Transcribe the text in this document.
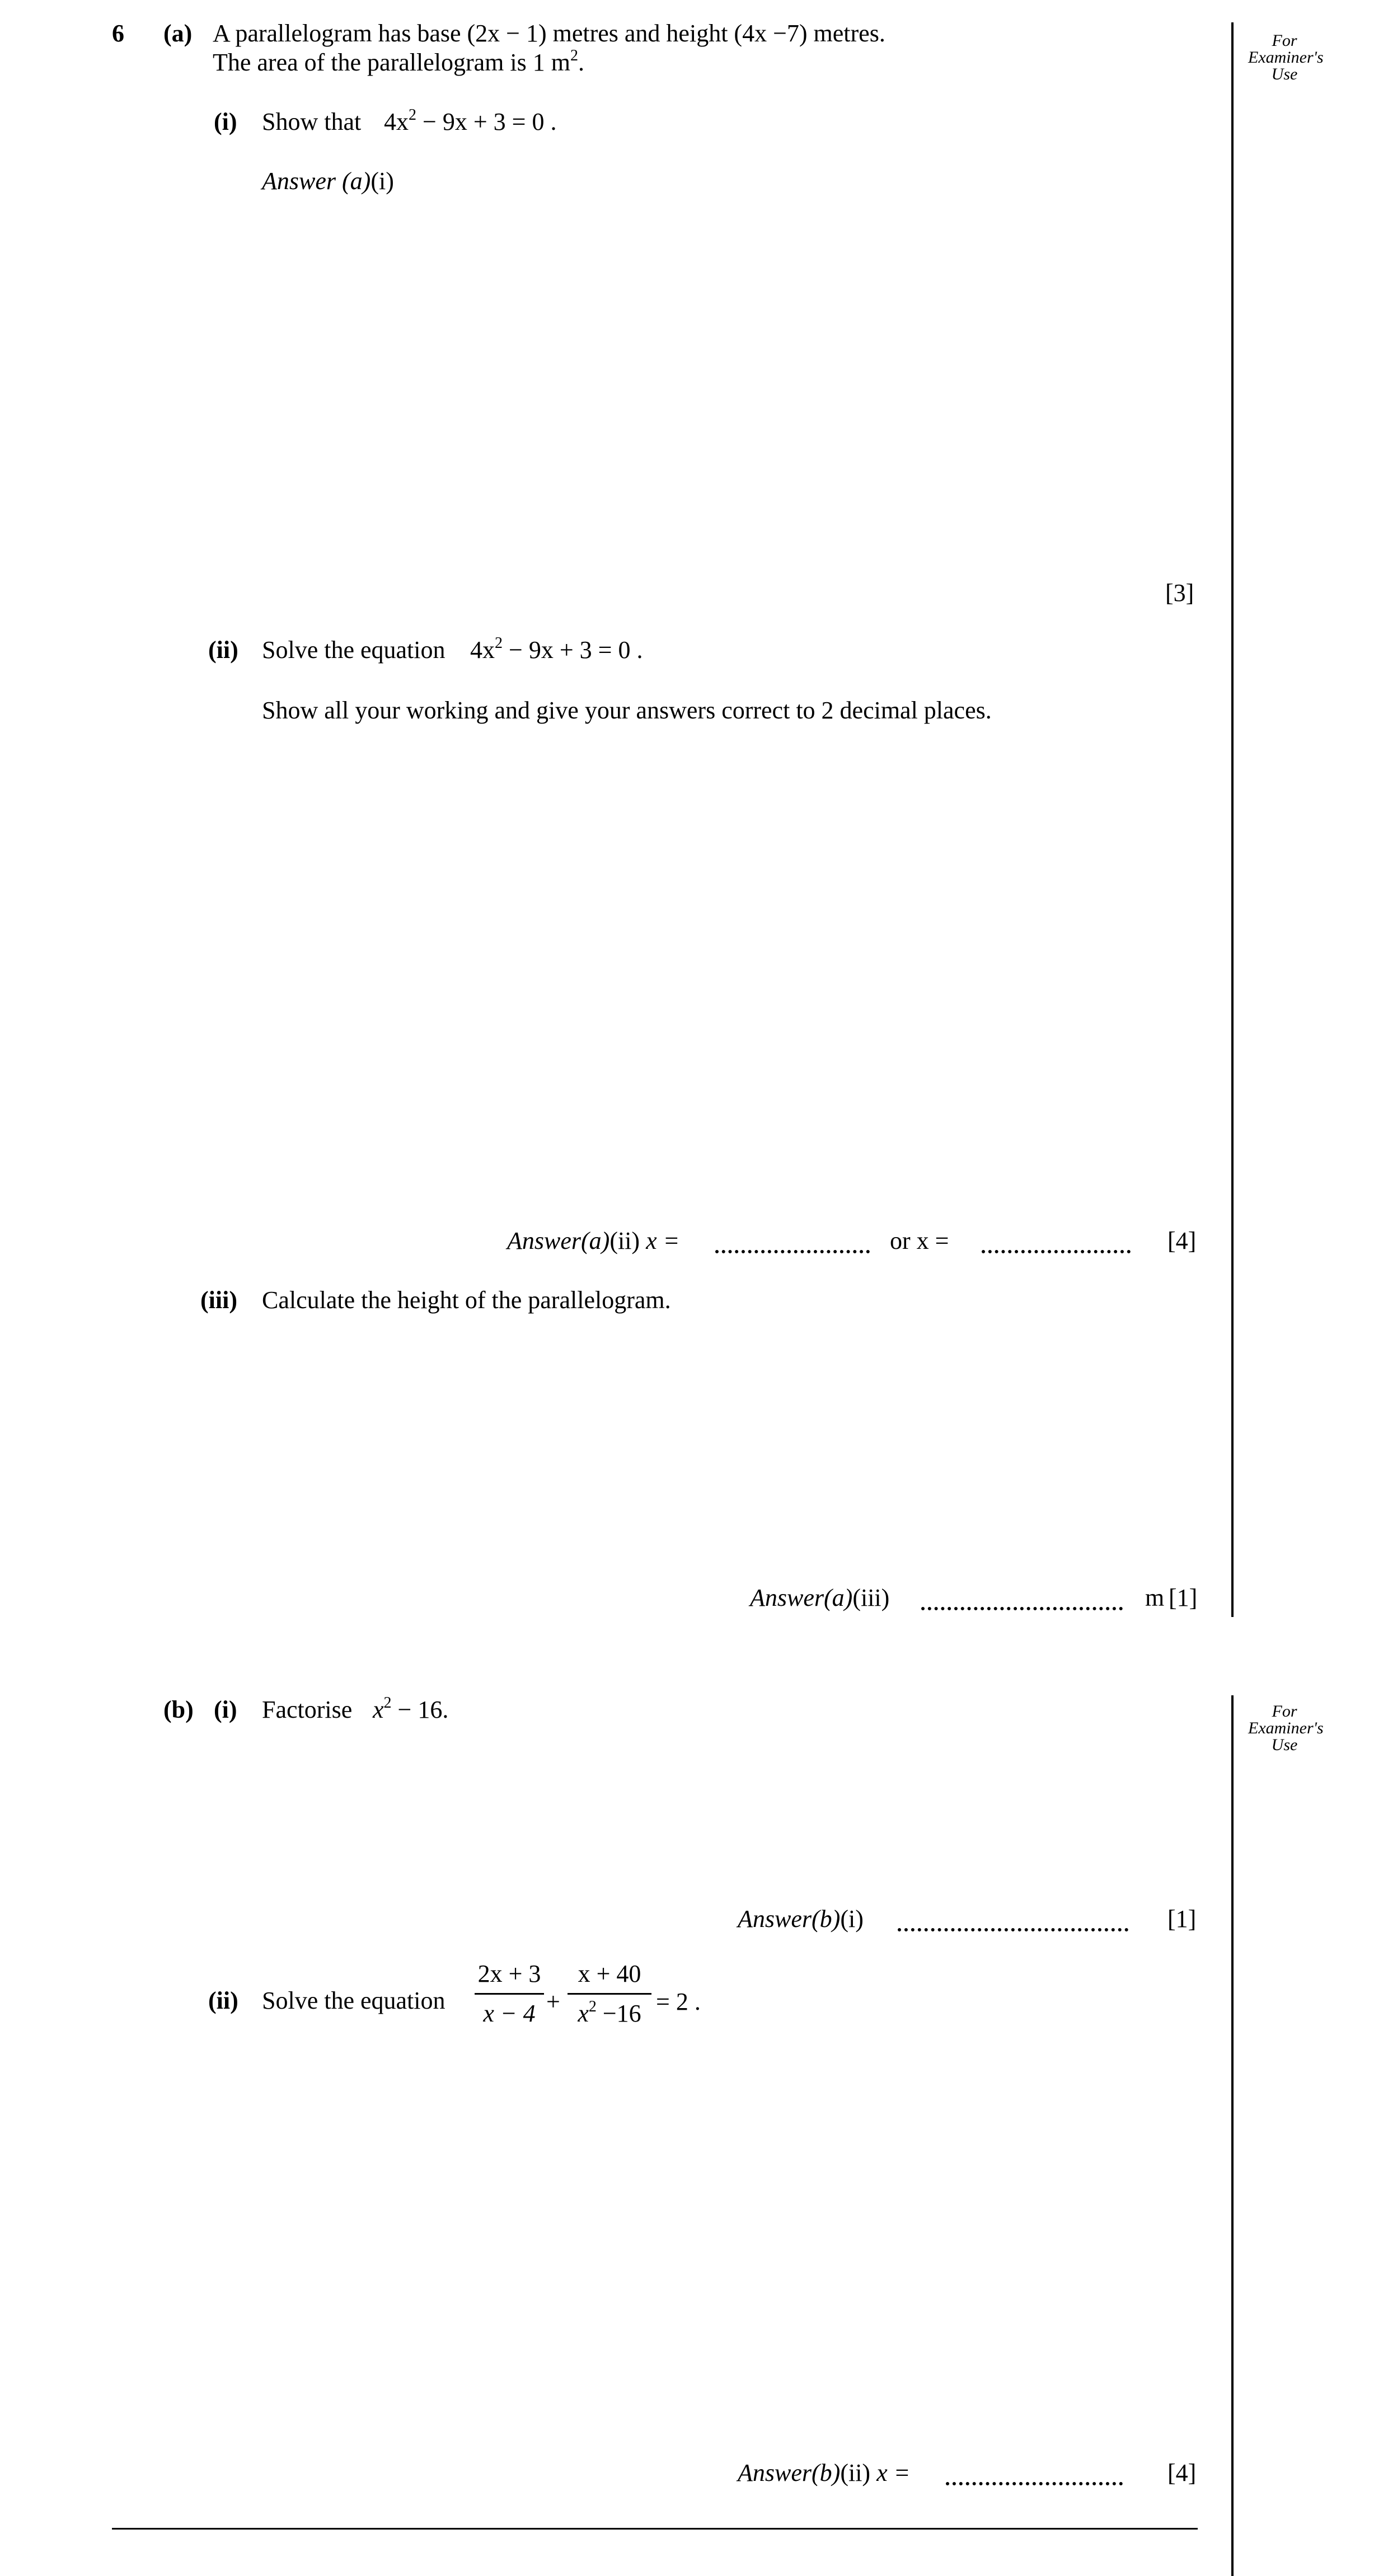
6 (a) A parallelogram has base (2x − 1) metres and height (4x −7) metres.
The area of the parallelogram is 1 $m^2$.
For
Examiner's
Use
(i) Show that $4x^2 - 9x + 3 = 0$ .
Answer (a)(i)
[3]
(ii) Solve the equation $4x^2 - 9x + 3 = 0$ .
Show all your working and give your answers correct to 2 decimal places.
Answer(a)(ii) x =	or x =	[4]
(iii) Calculate the height of the parallelogram.
Answer(a)(iii)	m [1]
(b) (i) Factorise $x^2 - 16$.	For
Examiner's
Use
Answer(b)(i)	[1]
(ii) Solve the equation
2x + 3
x − 4 +
x + 40
$x^2 -16 = 2$ .
Answer(b)(ii) x =	[4]
